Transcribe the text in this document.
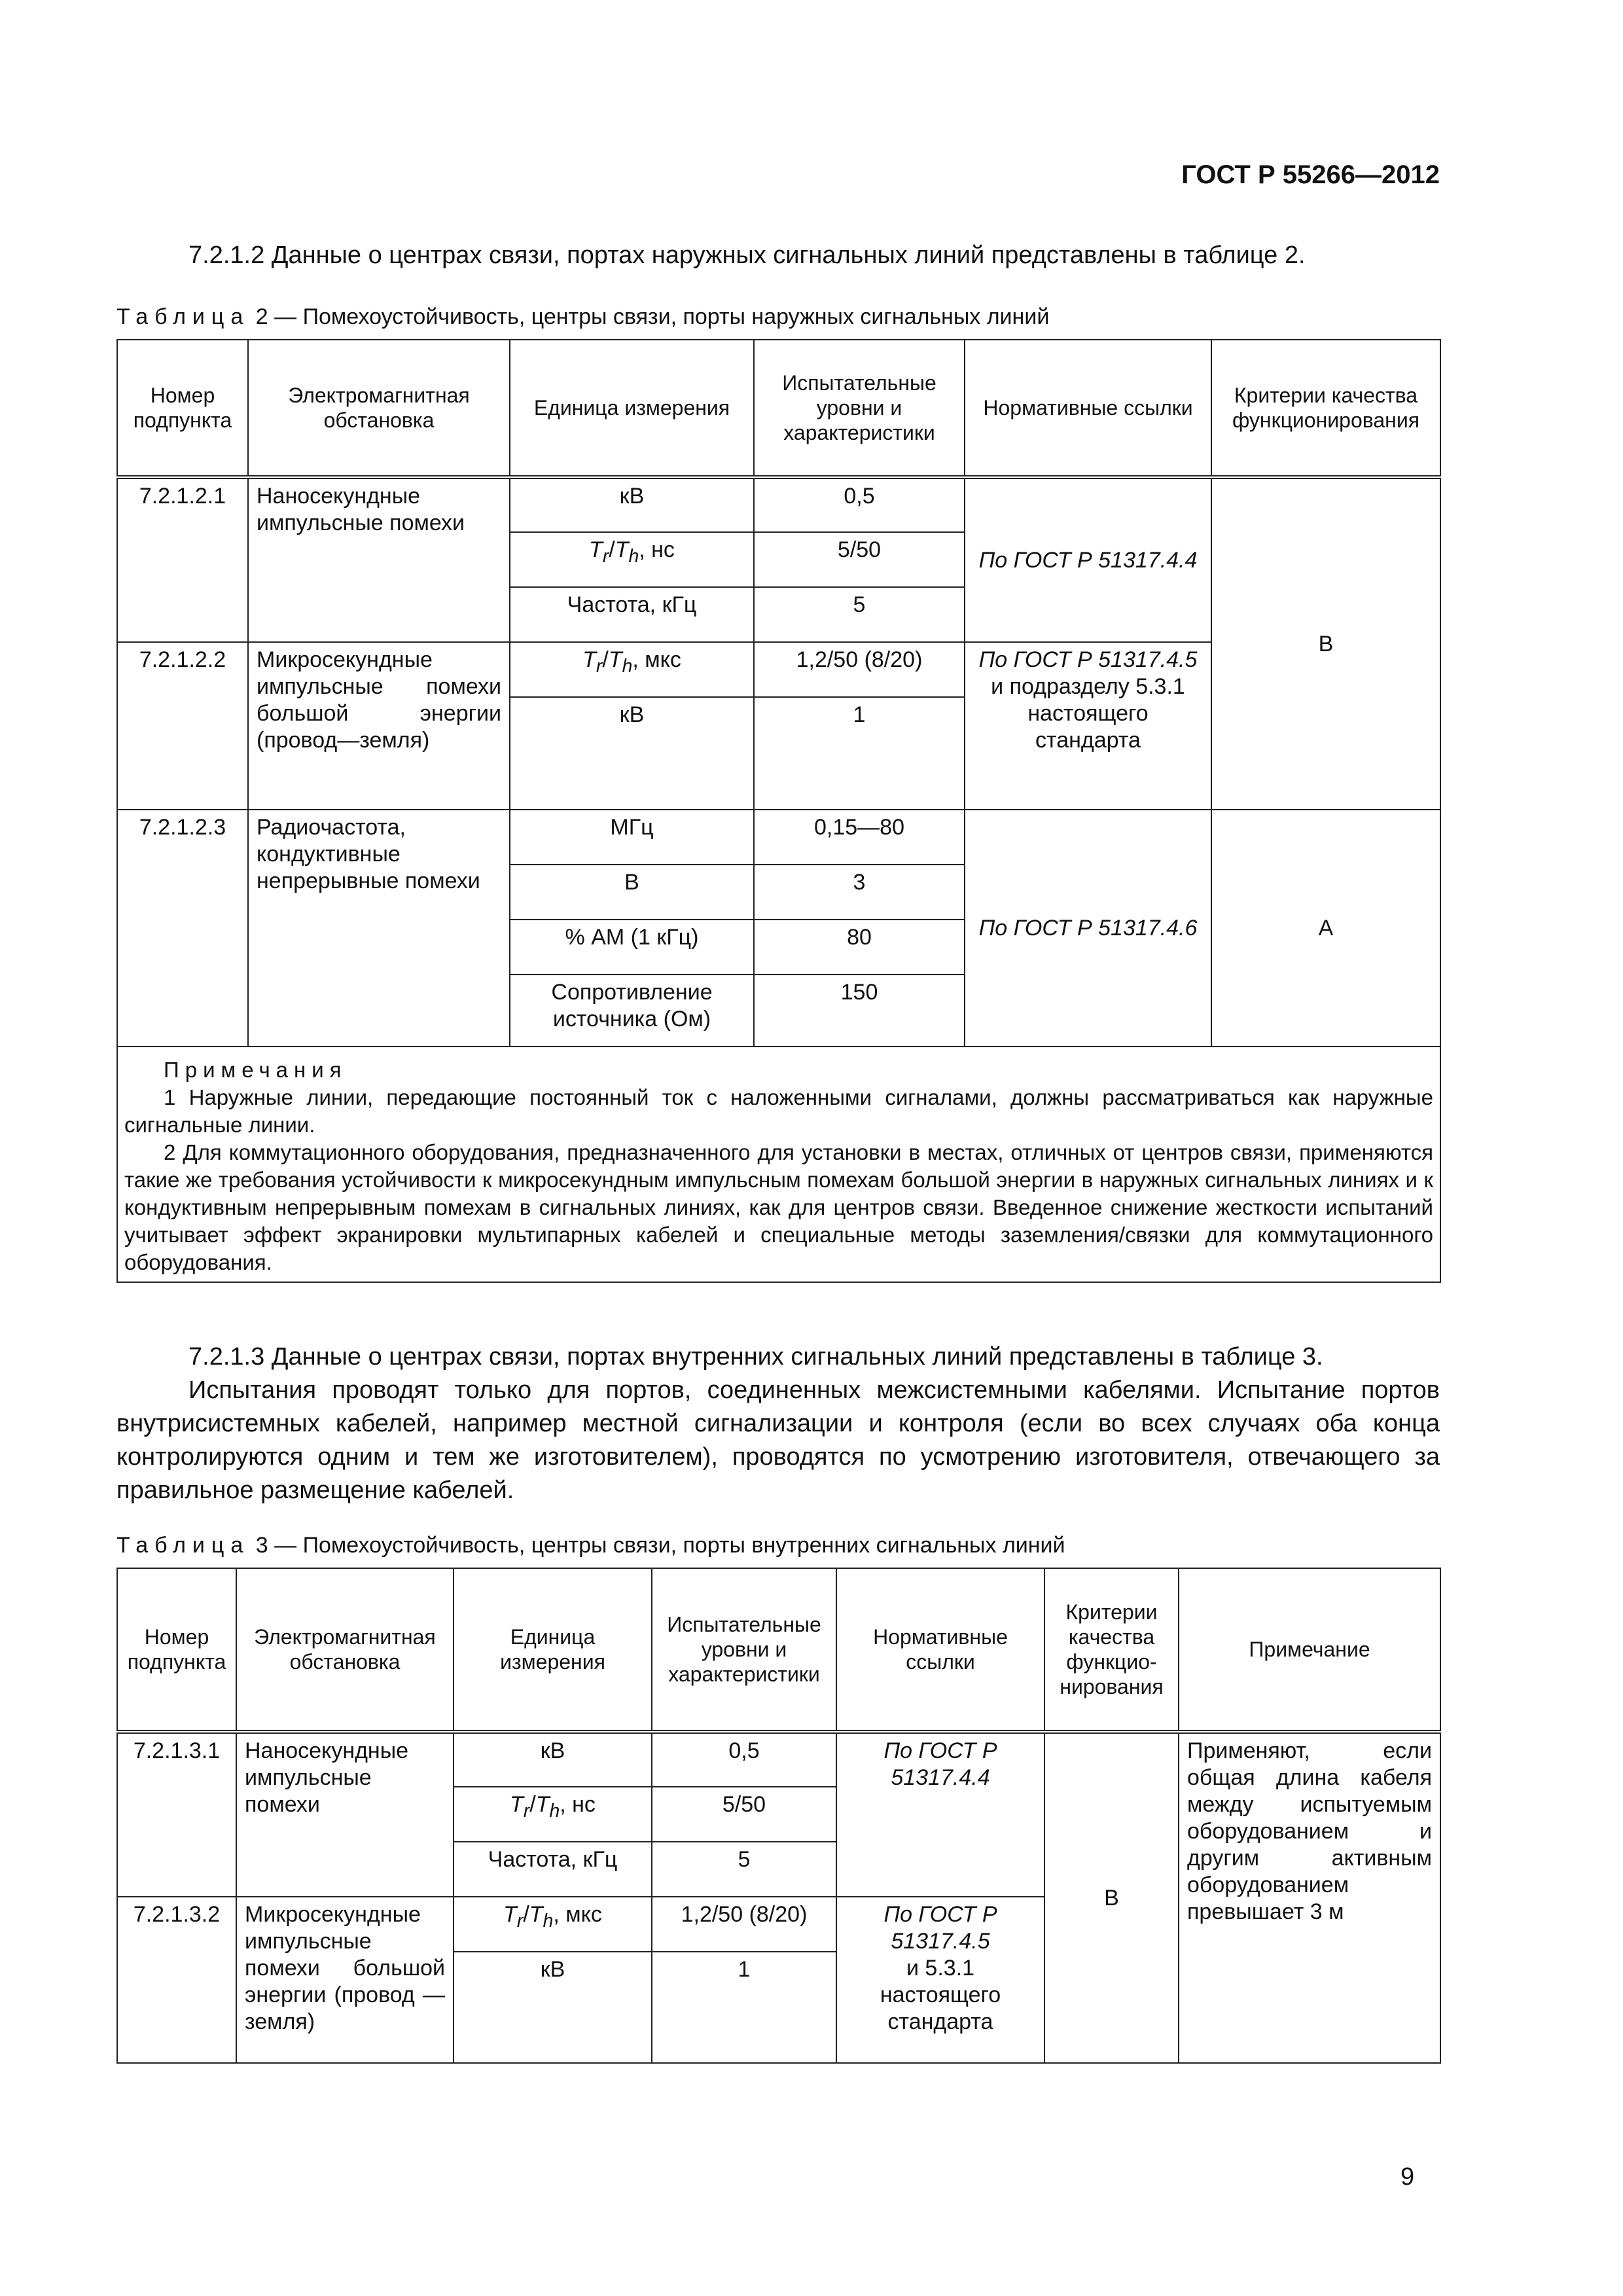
ГОСТ Р 55266—2012

7.2.1.2 Данные о центрах связи, портах наружных сигнальных линий представлены в таблице 2.

Таблица 2 — Помехоустойчивость, центры связи, порты наружных сигнальных линий
Номер подпункта	Электромагнитная обстановка	Единица измерения	Испытательные уровни и характеристики	Нормативные ссылки	Критерии качества функционирования
7.2.1.2.1	Наносекундные импульсные помехи	кВ	0,5	По ГОСТ Р 51317.4.4	В
		$T_r/T_h$, нс	5/50		
		Частота, кГц	5		
7.2.1.2.2	Микросекундные импульсные помехи большой энергии (провод—земля)	$T_r/T_h$, мкс	1,2/50 (8/20)	По ГОСТ Р 51317.4.5
и подразделу 5.3.1 настоящего стандарта	
		кВ	1		
7.2.1.2.3	Радиочастота, кондуктивные непрерывные помехи	МГц	0,15—80	По ГОСТ Р 51317.4.6	А
		В	3		
		% АМ (1 кГц)	80		
		Сопротивление источника (Ом)	150		

Примечания

1 Наружные линии, передающие постоянный ток с наложенными сигналами, должны рассматриваться как наружные сигнальные линии.

2 Для коммутационного оборудования, предназначенного для установки в местах, отличных от центров связи, применяются такие же требования устойчивости к микросекундным импульсным помехам большой энергии в наружных сигнальных линиях и к кондуктивным непрерывным помехам в сигнальных линиях, как для центров связи. Введенное снижение жесткости испытаний учитывает эффект экранировки мультипарных кабелей и специальные методы заземления/связки для коммутационного оборудования.					

7.2.1.3 Данные о центрах связи, портах внутренних сигнальных линий представлены в таблице 3.

Испытания проводят только для портов, соединенных межсистемными кабелями. Испытание портов внутрисистемных кабелей, например местной сигнализации и контроля (если во всех случаях оба конца контролируются одним и тем же изготовителем), проводятся по усмотрению изготовителя, отвечающего за правильное размещение кабелей.

Таблица 3 — Помехоустойчивость, центры связи, порты внутренних сигнальных линий
Номер подпункта	Электромагнитная обстановка	Единица измерения	Испытательные уровни и характеристики	Нормативные ссылки	Критерии качества функцио-нирования	Примечание
7.2.1.3.1	Наносекундные импульсные помехи	кВ	0,5	По ГОСТ Р 51317.4.4	В	Применяют, если общая длина кабеля между испытуемым оборудованием и другим активным оборудованием превышает 3 м
		$T_r/T_h$, нс	5/50			
		Частота, кГц	5			
7.2.1.3.2	Микросекундные импульсные помехи большой энергии (провод — земля)	$T_r/T_h$, мкс	1,2/50 (8/20)	По ГОСТ Р 51317.4.5
и 5.3.1 настоящего стандарта		
		кВ	1			
9
